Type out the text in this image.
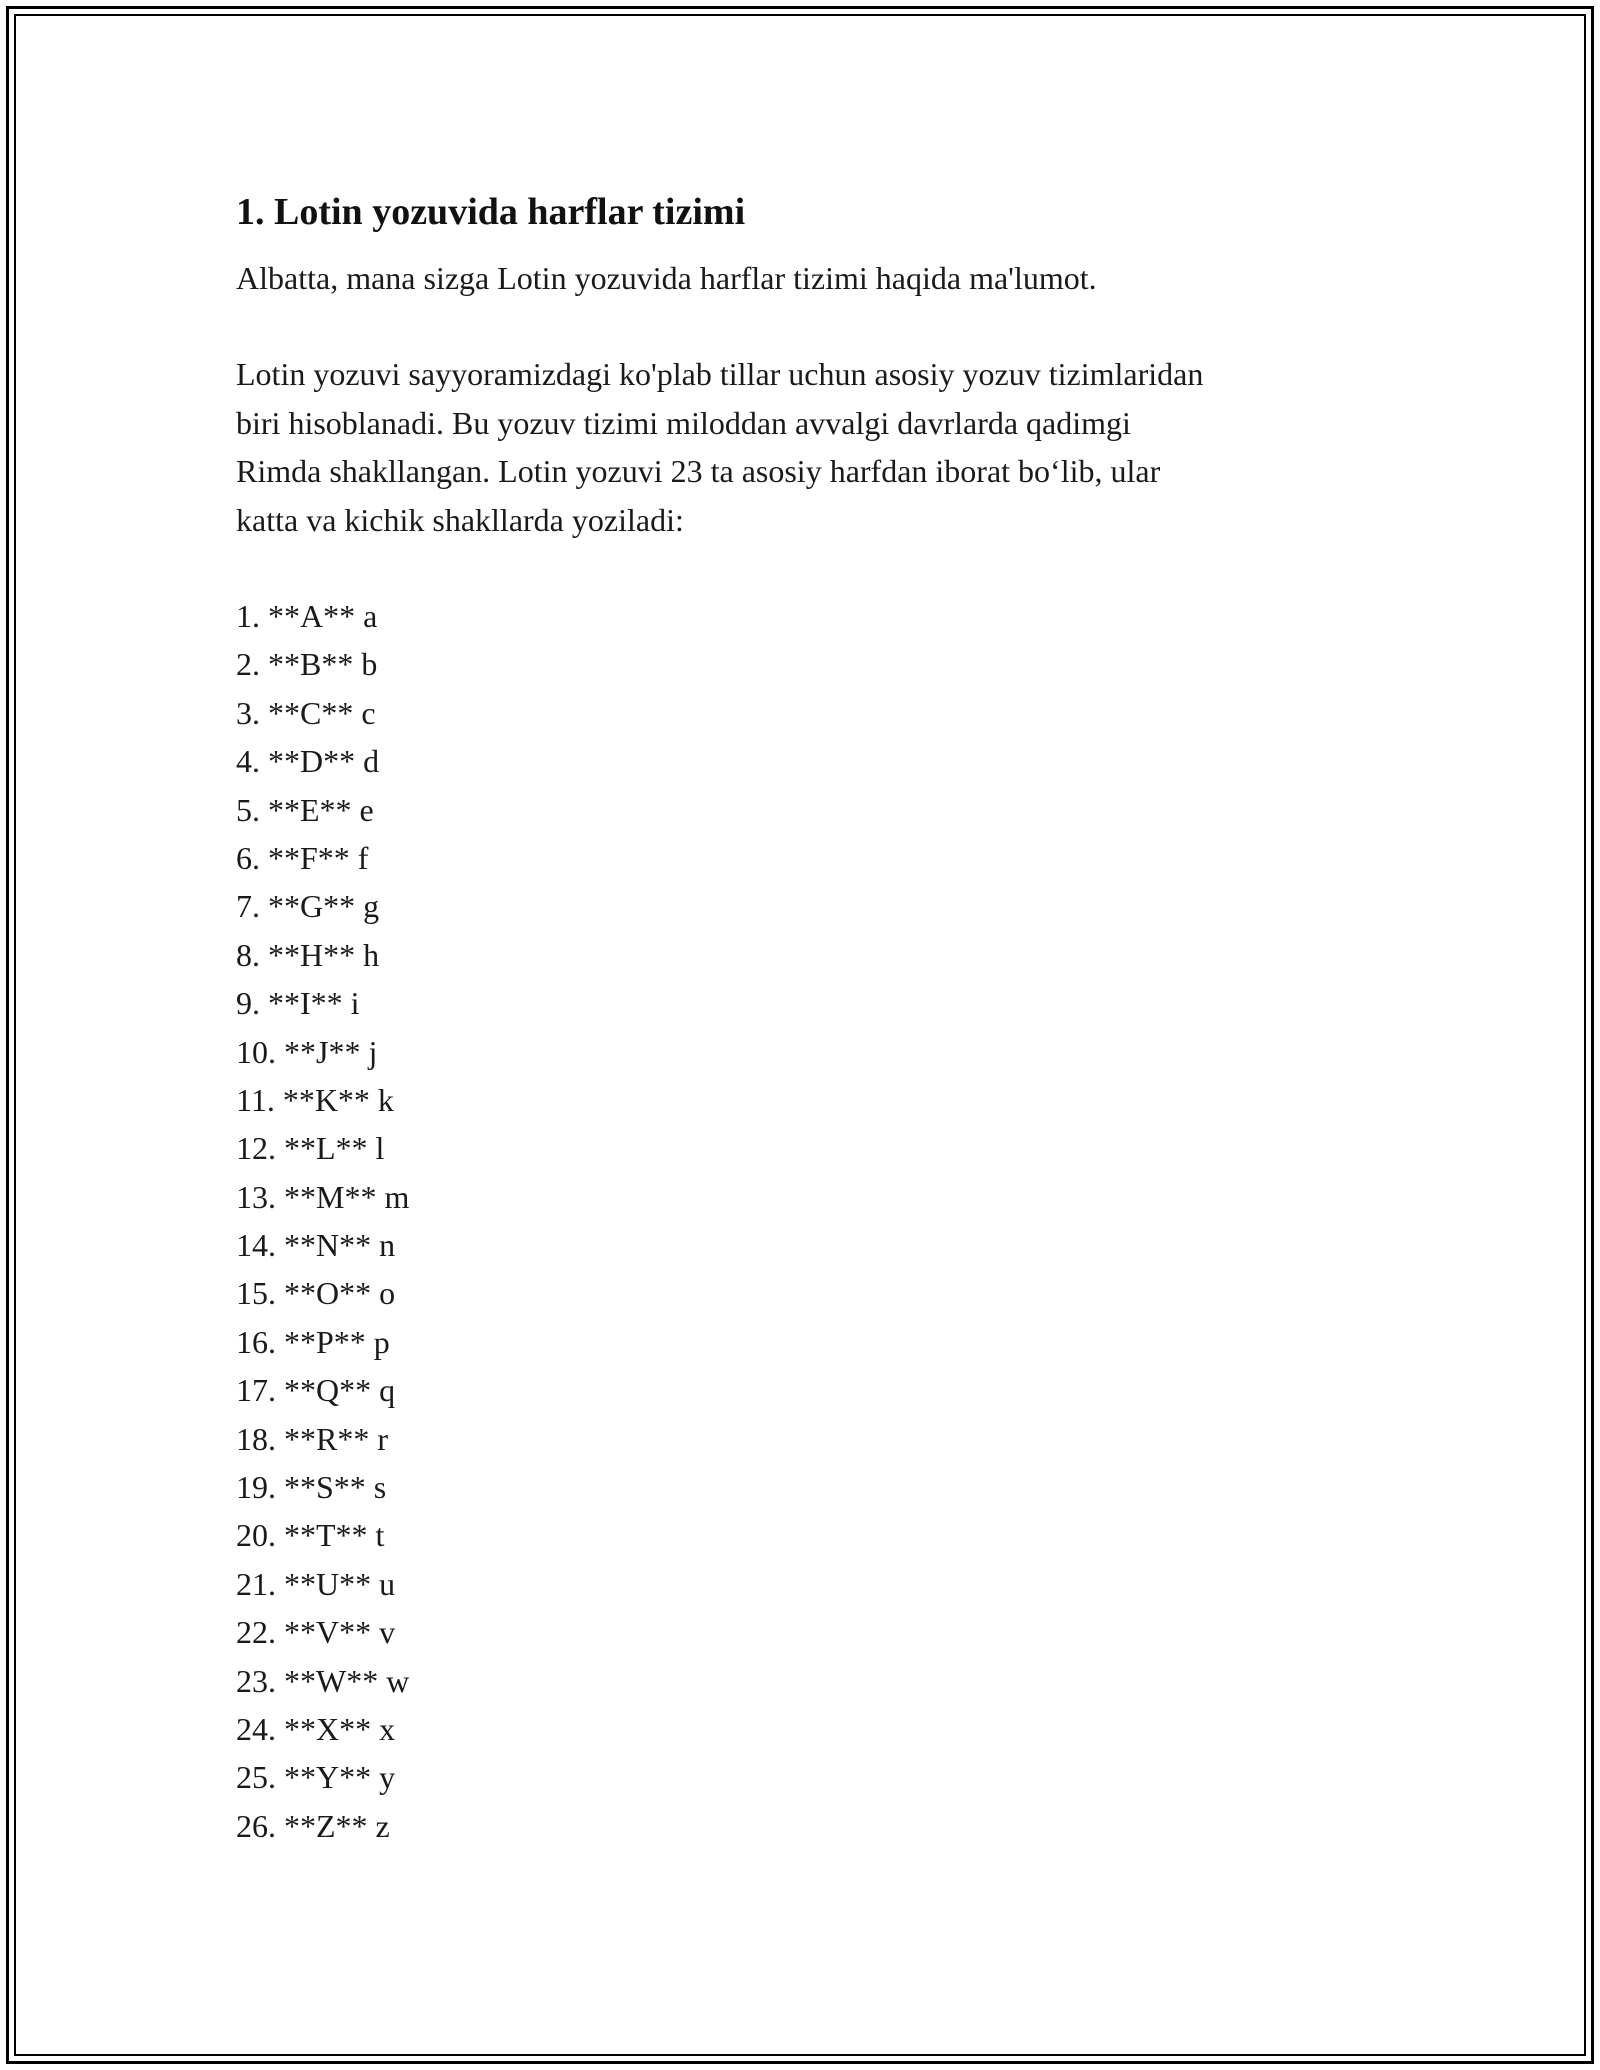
1. Lotin yozuvida harflar tizimi

Albatta, mana sizga Lotin yozuvida harflar tizimi haqida ma'lumot.

Lotin yozuvi sayyoramizdagi ko'plab tillar uchun asosiy yozuv tizimlaridan
biri hisoblanadi. Bu yozuv tizimi miloddan avvalgi davrlarda qadimgi
Rimda shakllangan. Lotin yozuvi 23 ta asosiy harfdan iborat bo‘lib, ular
katta va kichik shakllarda yoziladi:

1. **A** a
2. **B** b
3. **C** c
4. **D** d
5. **E** e
6. **F** f
7. **G** g
8. **H** h
9. **I** i
10. **J** j
11. **K** k
12. **L** l
13. **M** m
14. **N** n
15. **O** o
16. **P** p
17. **Q** q
18. **R** r
19. **S** s
20. **T** t
21. **U** u
22. **V** v
23. **W** w
24. **X** x
25. **Y** y
26. **Z** z
